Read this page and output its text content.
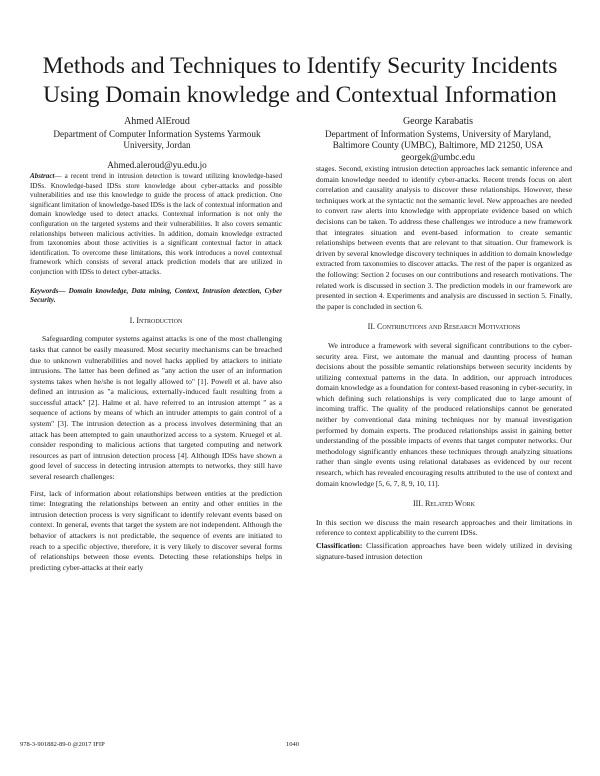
Methods and Techniques to Identify Security Incidents Using Domain knowledge and Contextual Information
Ahmed AlEroud
Department of Computer Information Systems Yarmouk University, Jordan
Ahmed.aleroud@yu.edu.jo
George Karabatis
Department of Information Systems, University of Maryland, Baltimore County (UMBC), Baltimore, MD 21250, USA
georgek@umbc.edu

Abstract— a recent trend in intrusion detection is toward utilizing knowledge-based IDSs. Knowledge-based IDSs store knowledge about cyber-attacks and possible vulnerabilities and use this knowledge to guide the process of attack prediction. One significant limitation of knowledge-based IDSs is the lack of contextual information and domain knowledge used to detect attacks. Contextual information is not only the configuration on the targeted systems and their vulnerabilities. It also covers semantic relationships between malicious activities. In addition, domain knowledge extracted from taxonomies about those activities is a significant contextual factor in attack identification. To overcome these limitations, this work introduces a novel contextual framework which consists of several attack prediction models that are utilized in conjunction with IDSs to detect cyber-attacks.

Keywords— Domain knowledge, Data mining, Context, Intrusion detection, Cyber Security.

I. Introduction

Safeguarding computer systems against attacks is one of the most challenging tasks that cannot be easily measured. Most security mechanisms can be breached due to unknown vulnerabilities and novel hacks applied by attackers to initiate intrusions. The latter has been defined as "any action the user of an information systems takes when he/she is not legally allowed to" [1]. Powell et al. have also defined an intrusion as "a malicious, externally-induced fault resulting from a successful attack" [2]. Halme et al. have referred to an intrusion attempt " as a sequence of actions by means of which an intruder attempts to gain control of a system" [3]. The intrusion detection as a process involves determining that an attack has been attempted to gain unauthorized access to a system. Kruegel et al. consider responding to malicious actions that targeted computing and network resources as part of intrusion detection process [4]. Although IDSs have shown a good level of success in detecting intrusion attempts to networks, they still have several research challenges:

First, lack of information about relationships between entities at the prediction time: Integrating the relationships between an entity and other entities in the intrusion detection process is very significant to identify relevant events based on context. In general, events that target the system are not independent. Although the behavior of attackers is not predictable, the sequence of events are initiated to reach to a specific objective, therefore, it is very likely to discover several forms of relationships between those events. Detecting these relationships helps in predicting cyber-attacks at their early

stages. Second, existing intrusion detection approaches lack semantic inference and domain knowledge needed to identify cyber-attacks. Recent trends focus on alert correlation and causality analysis to discover these relationships. However, these techniques work at the syntactic not the semantic level. New approaches are needed to convert raw alerts into knowledge with appropriate evidence based on which decisions can be taken. To address these challenges we introduce a new framework that integrates situation and event-based information to create semantic relationships between events that are relevant to that situation. Our framework is driven by several knowledge discovery techniques in addition to domain knowledge extracted from taxonomies to discover attacks. The rest of the paper is organized as the following: Section 2 focuses on our contributions and research motivations. The related work is discussed in section 3. The prediction models in our framework are presented in section 4. Experiments and analysis are discussed in section 5. Finally, the paper is concluded in section 6.

II. Contributions and Research Motivations

We introduce a framework with several significant contributions to the cyber-security area. First, we automate the manual and daunting process of human decisions about the possible semantic relationships between security incidents by utilizing contextual patterns in the data. In addition, our approach introduces domain knowledge as a foundation for context-based reasoning in cyber-security, in which defining such relationships is very complicated due to large amount of incoming traffic. The quality of the produced relationships cannot be generated neither by conventional data mining techniques nor by manual investigation performed by domain experts. The produced relationships assist in gaining better understanding of the possible impacts of events that target computer networks. Our methodology significantly enhances these techniques through analyzing situations rather than single events using relational databases as evidenced by our recent research, which has revealed encouraging results attributed to the use of context and domain knowledge [5, 6, 7, 8, 9, 10, 11].

III. Related Work

In this section we discuss the main research approaches and their limitations in reference to context applicability to the current IDSs.

Classification: Classification approaches have been widely utilized in devising signature-based intrusion detection

978-3-901882-89-0 @2017 IFIP	1040
